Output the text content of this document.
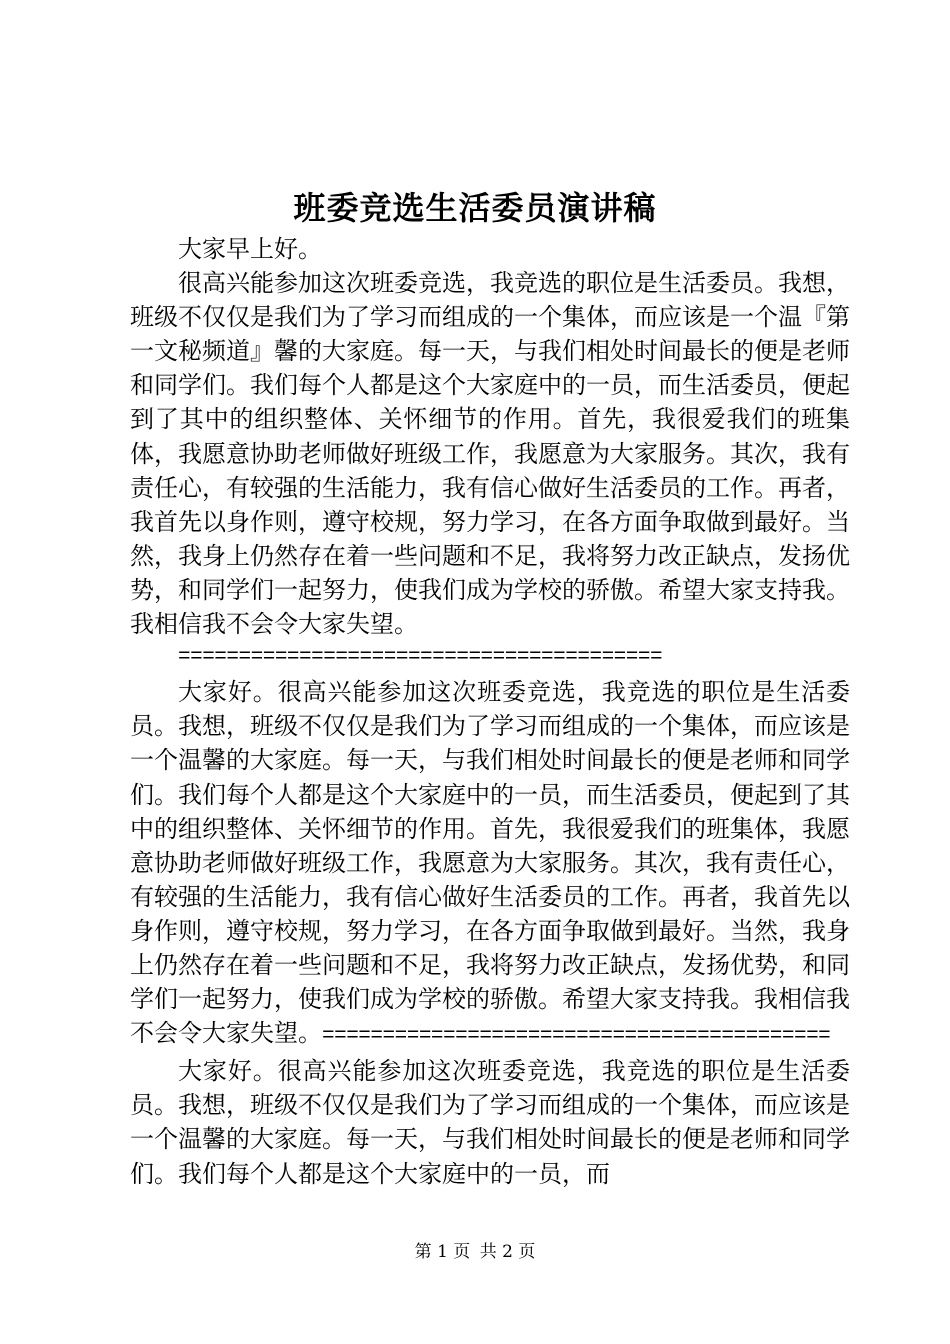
班委竞选生活委员演讲稿

大家早上好。

很高兴能参加这次班委竞选，我竞选的职位是生活委员。我想，班级不仅仅是我们为了学习而组成的一个集体，而应该是一个温『第一文秘频道』馨的大家庭。每一天，与我们相处时间最长的便是老师和同学们。我们每个人都是这个大家庭中的一员，而生活委员，便起到了其中的组织整体、关怀细节的作用。首先，我很爱我们的班集体，我愿意协助老师做好班级工作，我愿意为大家服务。其次，我有责任心，有较强的生活能力，我有信心做好生活委员的工作。再者，我首先以身作则，遵守校规，努力学习，在各方面争取做到最好。当然，我身上仍然存在着一些问题和不足，我将努力改正缺点，发扬优势，和同学们一起努力，使我们成为学校的骄傲。希望大家支持我。我相信我不会令大家失望。

========================================

大家好。很高兴能参加这次班委竞选，我竞选的职位是生活委员。我想，班级不仅仅是我们为了学习而组成的一个集体，而应该是一个温馨的大家庭。每一天，与我们相处时间最长的便是老师和同学们。我们每个人都是这个大家庭中的一员，而生活委员，便起到了其中的组织整体、关怀细节的作用。首先，我很爱我们的班集体，我愿意协助老师做好班级工作，我愿意为大家服务。其次，我有责任心，有较强的生活能力，我有信心做好生活委员的工作。再者，我首先以身作则，遵守校规，努力学习，在各方面争取做到最好。当然，我身上仍然存在着一些问题和不足，我将努力改正缺点，发扬优势，和同学们一起努力，使我们成为学校的骄傲。希望大家支持我。我相信我不会令大家失望。==========================================

大家好。很高兴能参加这次班委竞选，我竞选的职位是生活委员。我想，班级不仅仅是我们为了学习而组成的一个集体，而应该是一个温馨的大家庭。每一天，与我们相处时间最长的便是老师和同学们。我们每个人都是这个大家庭中的一员，而

第 1 页 共 2 页
